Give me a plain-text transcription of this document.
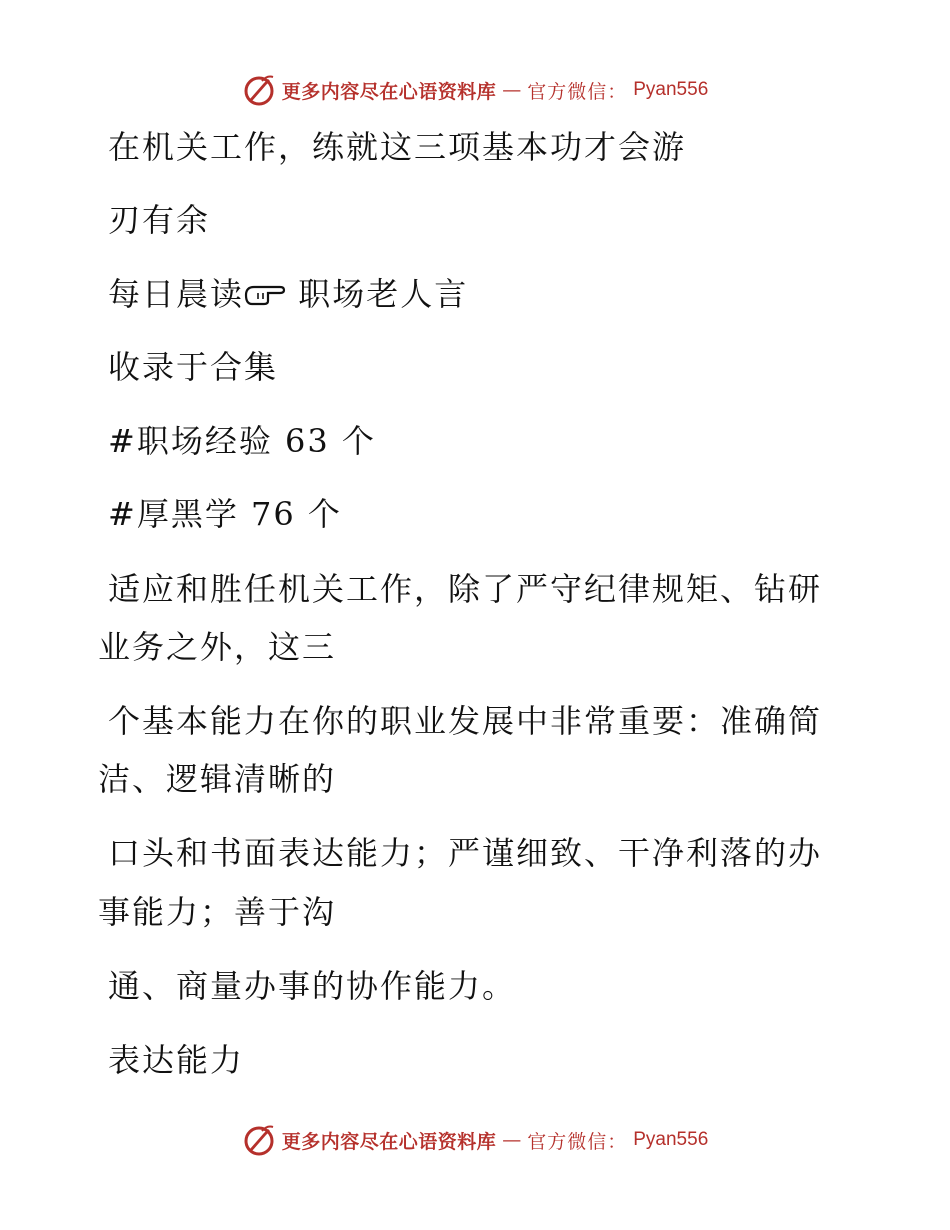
更多内容尽在心语资料库 — 官方微信： Pyan556
在机关工作，练就这三项基本功才会游
刃有余
每日晨读 职场老人言
收录于合集
#职场经验 63 个
#厚黑学 76 个
适应和胜任机关工作，除了严守纪律规矩、钻研
业务之外，这三
个基本能力在你的职业发展中非常重要：准确简
洁、逻辑清晰的
口头和书面表达能力；严谨细致、干净利落的办
事能力；善于沟
通、商量办事的协作能力。
表达能力
更多内容尽在心语资料库 — 官方微信： Pyan556
